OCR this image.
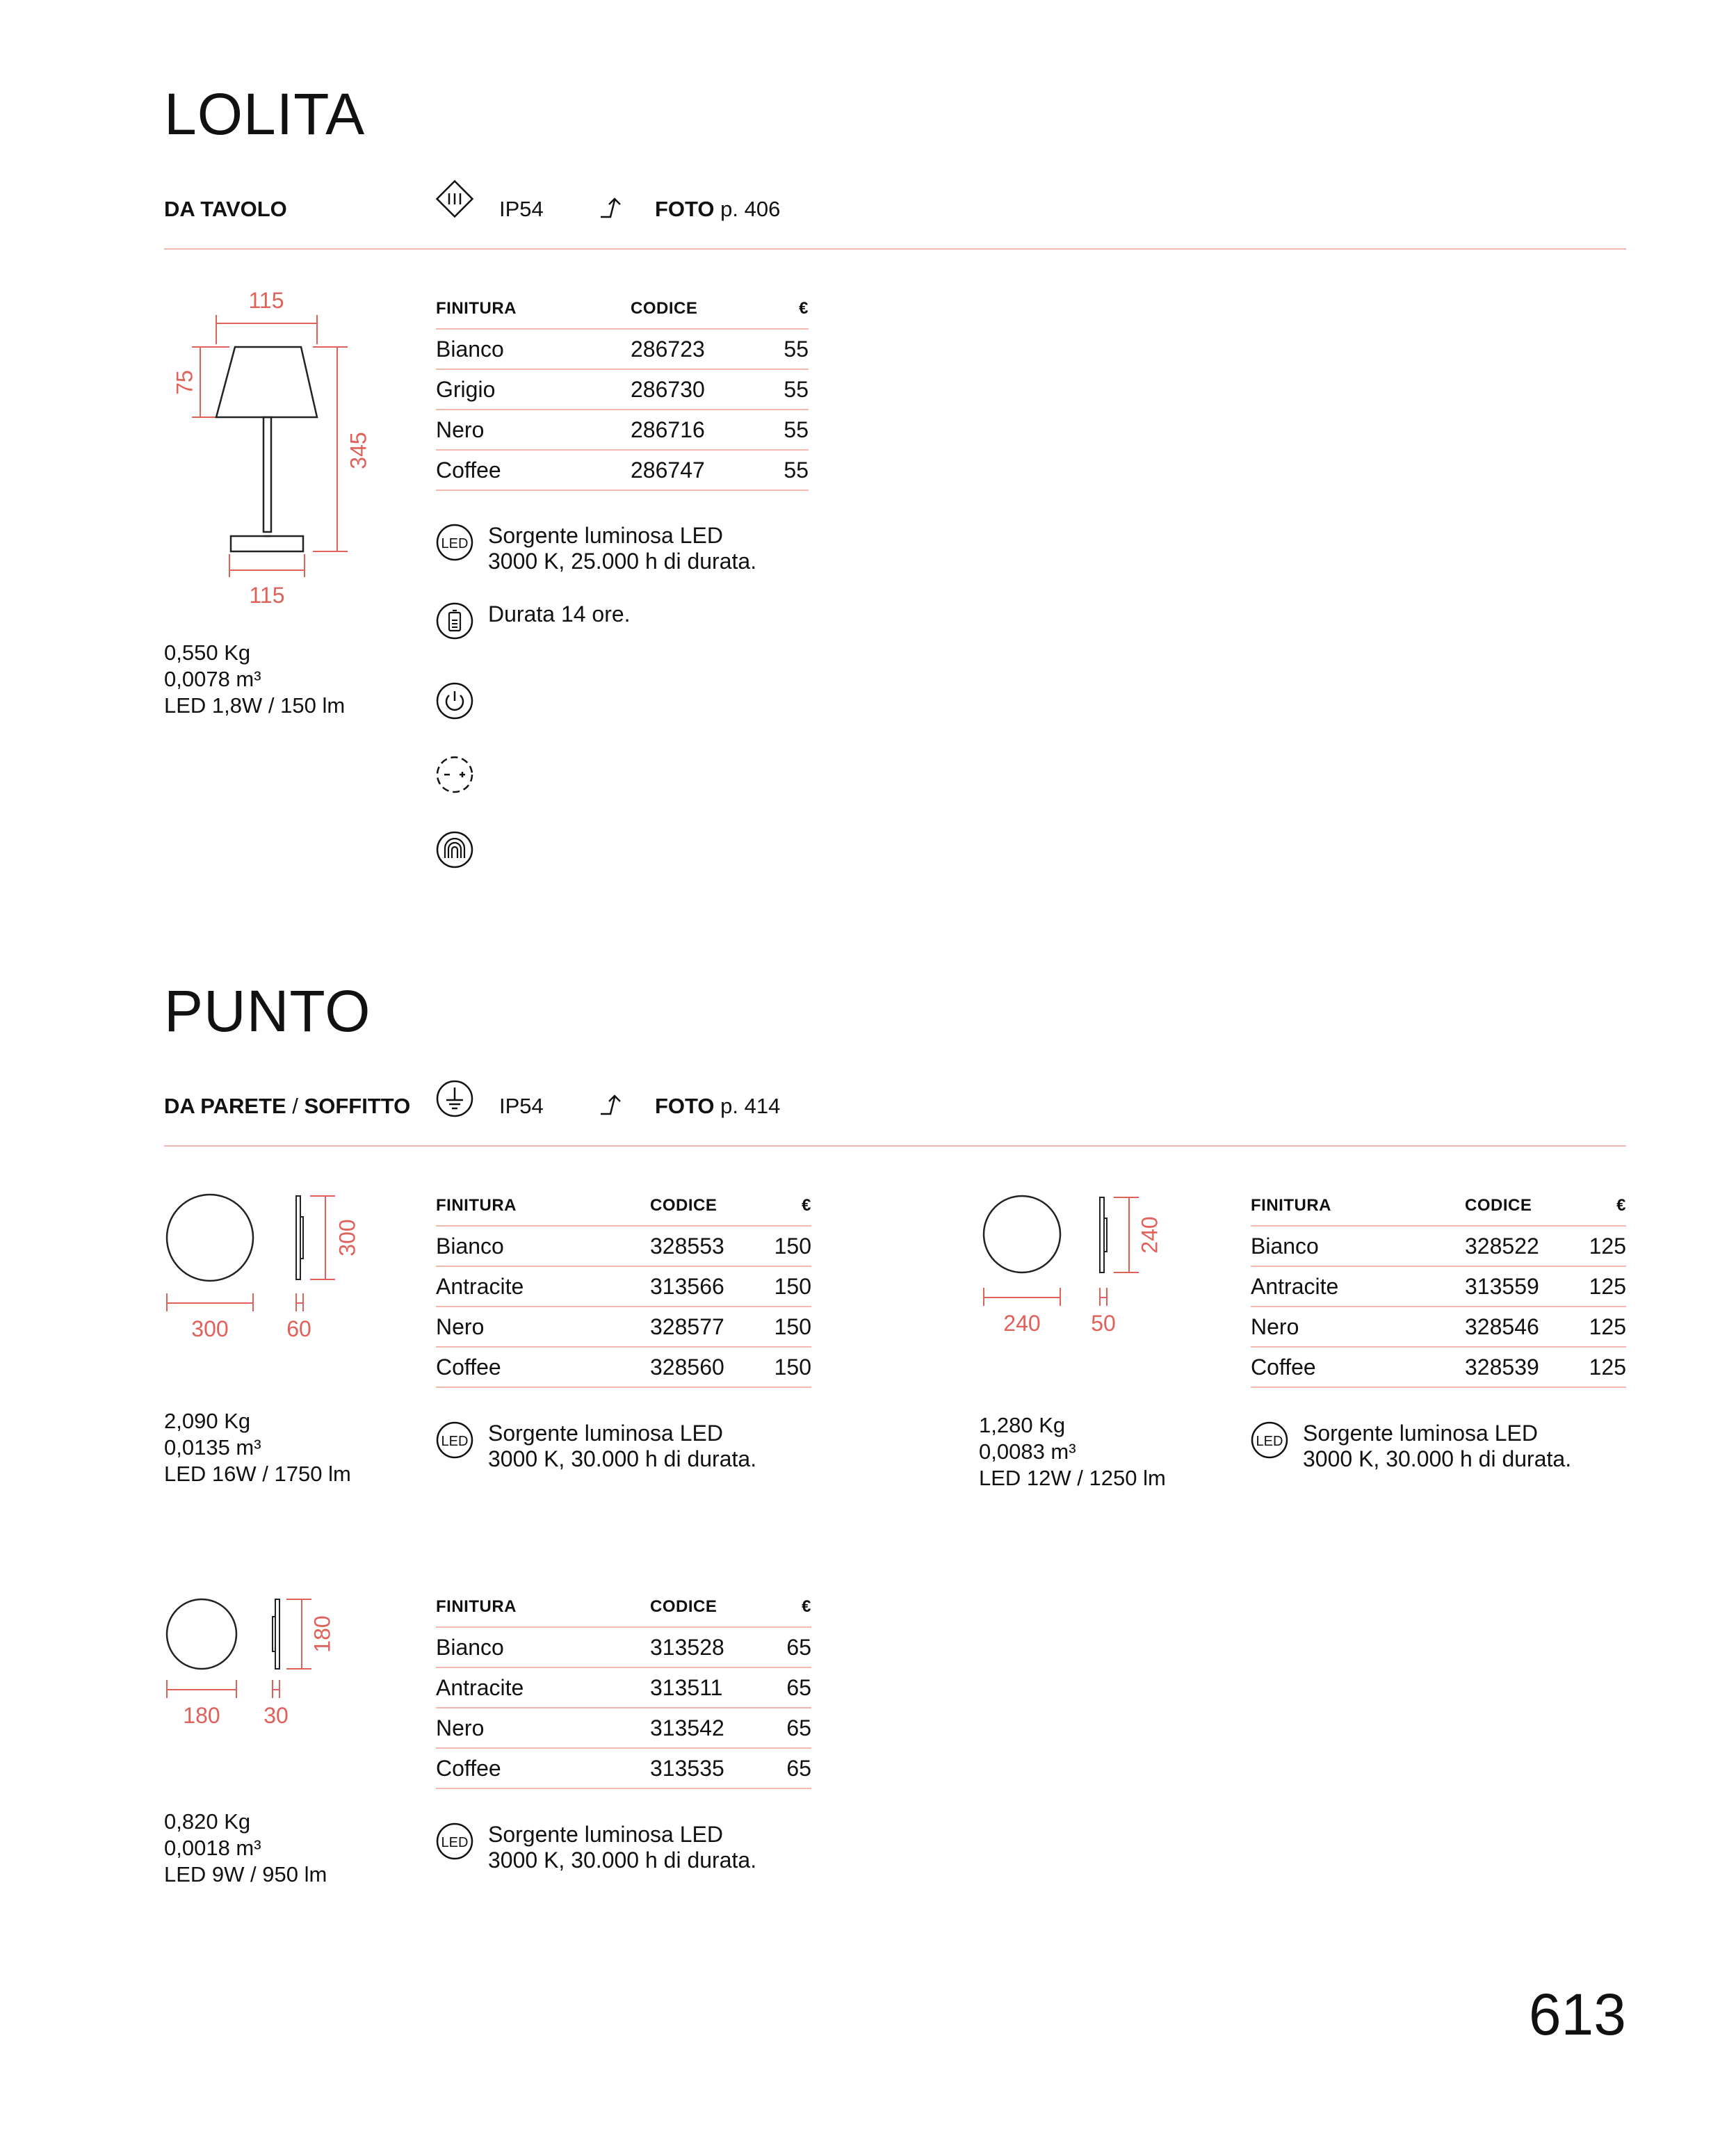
LOLITA
DA TAVOLO	IP54	FOTO p. 406
115
75
345
115
0,550 Kg
0,0078 m³
LED 1,8W / 150 lm
FINITURA	CODICE	€
Bianco	286723	55
Grigio	286730	55
Nero	286716	55
Coffee	286747	55
LED Sorgente luminosa LED
3000 K, 25.000 h di durata.
Durata 14 ore.
PUNTO
DA PARETE / SOFFITTO	IP54	FOTO p. 414
300	60
300
2,090 Kg
0,0135 m³
LED 16W / 1750 lm
FINITURA	CODICE	€
Bianco	328553	150
Antracite	313566	150
Nero	328577	150
Coffee	328560	150
LED Sorgente luminosa LED
3000 K, 30.000 h di durata.
240 50
240
1,280 Kg
0,0083 m³
LED 12W / 1250 lm
FINITURA	CODICE	€
Bianco	328522	125
Antracite	313559	125
Nero	328546	125
Coffee	328539	125
LED Sorgente luminosa LED
3000 K, 30.000 h di durata.
180 30
180
0,820 Kg
0,0018 m³
LED 9W / 950 lm
FINITURA	CODICE	€
Bianco	313528	65
Antracite	313511	65
Nero	313542	65
Coffee	313535	65
LED Sorgente luminosa LED
3000 K, 30.000 h di durata.
613
